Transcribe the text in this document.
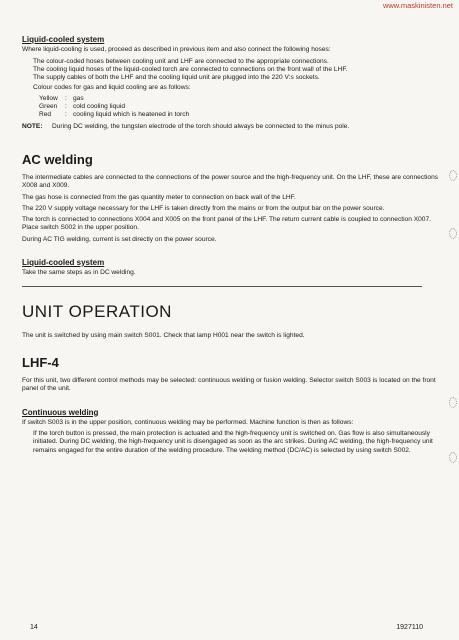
www.maskinisten.net
Liquid-cooled system

Where liquid-cooling is used, proceed as described in previous item and also connect the following hoses:

The colour-coded hoses between cooling unit and LHF are connected to the appropriate connections.

The cooling liquid hoses of the liquid-cooled torch are connected to connections on the front wall of the LHF.

The supply cables of both the LHF and the cooling liquid unit are plugged into the 220 V:s sockets.

Colour codes for gas and liquid cooling are as follows:

Yellow	: gas
Green	: cold cooling liquid
Red	: cooling liquid which is heatened in torch
NOTE:	During DC welding, the tungsten electrode of the torch should always be connected to the minus pole.
AC welding

The intermediate cables are connected to the connections of the power source and the high-frequency unit. On the LHF, these are connections X008 and X009.

The gas hose is connected from the gas quantity meter to connection on back wall of the LHF.

The 220 V supply voltage necessary for the LHF is taken directly from the mains or from the output bar on the power source.

The torch is connected to connections X004 and X005 on the front panel of the LHF. The return current cable is coupled to connection X007. Place switch S002 in the upper position.

During AC TIG welding, current is set directly on the power source.

Liquid-cooled system

Take the same steps as in DC welding.

UNIT OPERATION

The unit is switched by using main switch S001. Check that lamp H001 near the switch is lighted.

LHF-4

For this unit, two different control methods may be selected: continuous welding or fusion welding. Selector switch S003 is located on the front panel of the unit.

Continuous welding

If switch S003 is in the upper position, continuous welding may be performed. Machine function is then as follows:

If the torch button is pressed, the main protection is actuated and the high-frequency unit is switched on. Gas flow is also simultaneously initiated. During DC welding, the high-frequency unit is disengaged as soon as the arc strikes. During AC welding, the high-frequency unit remains engaged for the entire duration of the welding procedure. The welding method (DC/AC) is selected by using switch S002.

14	1927110
